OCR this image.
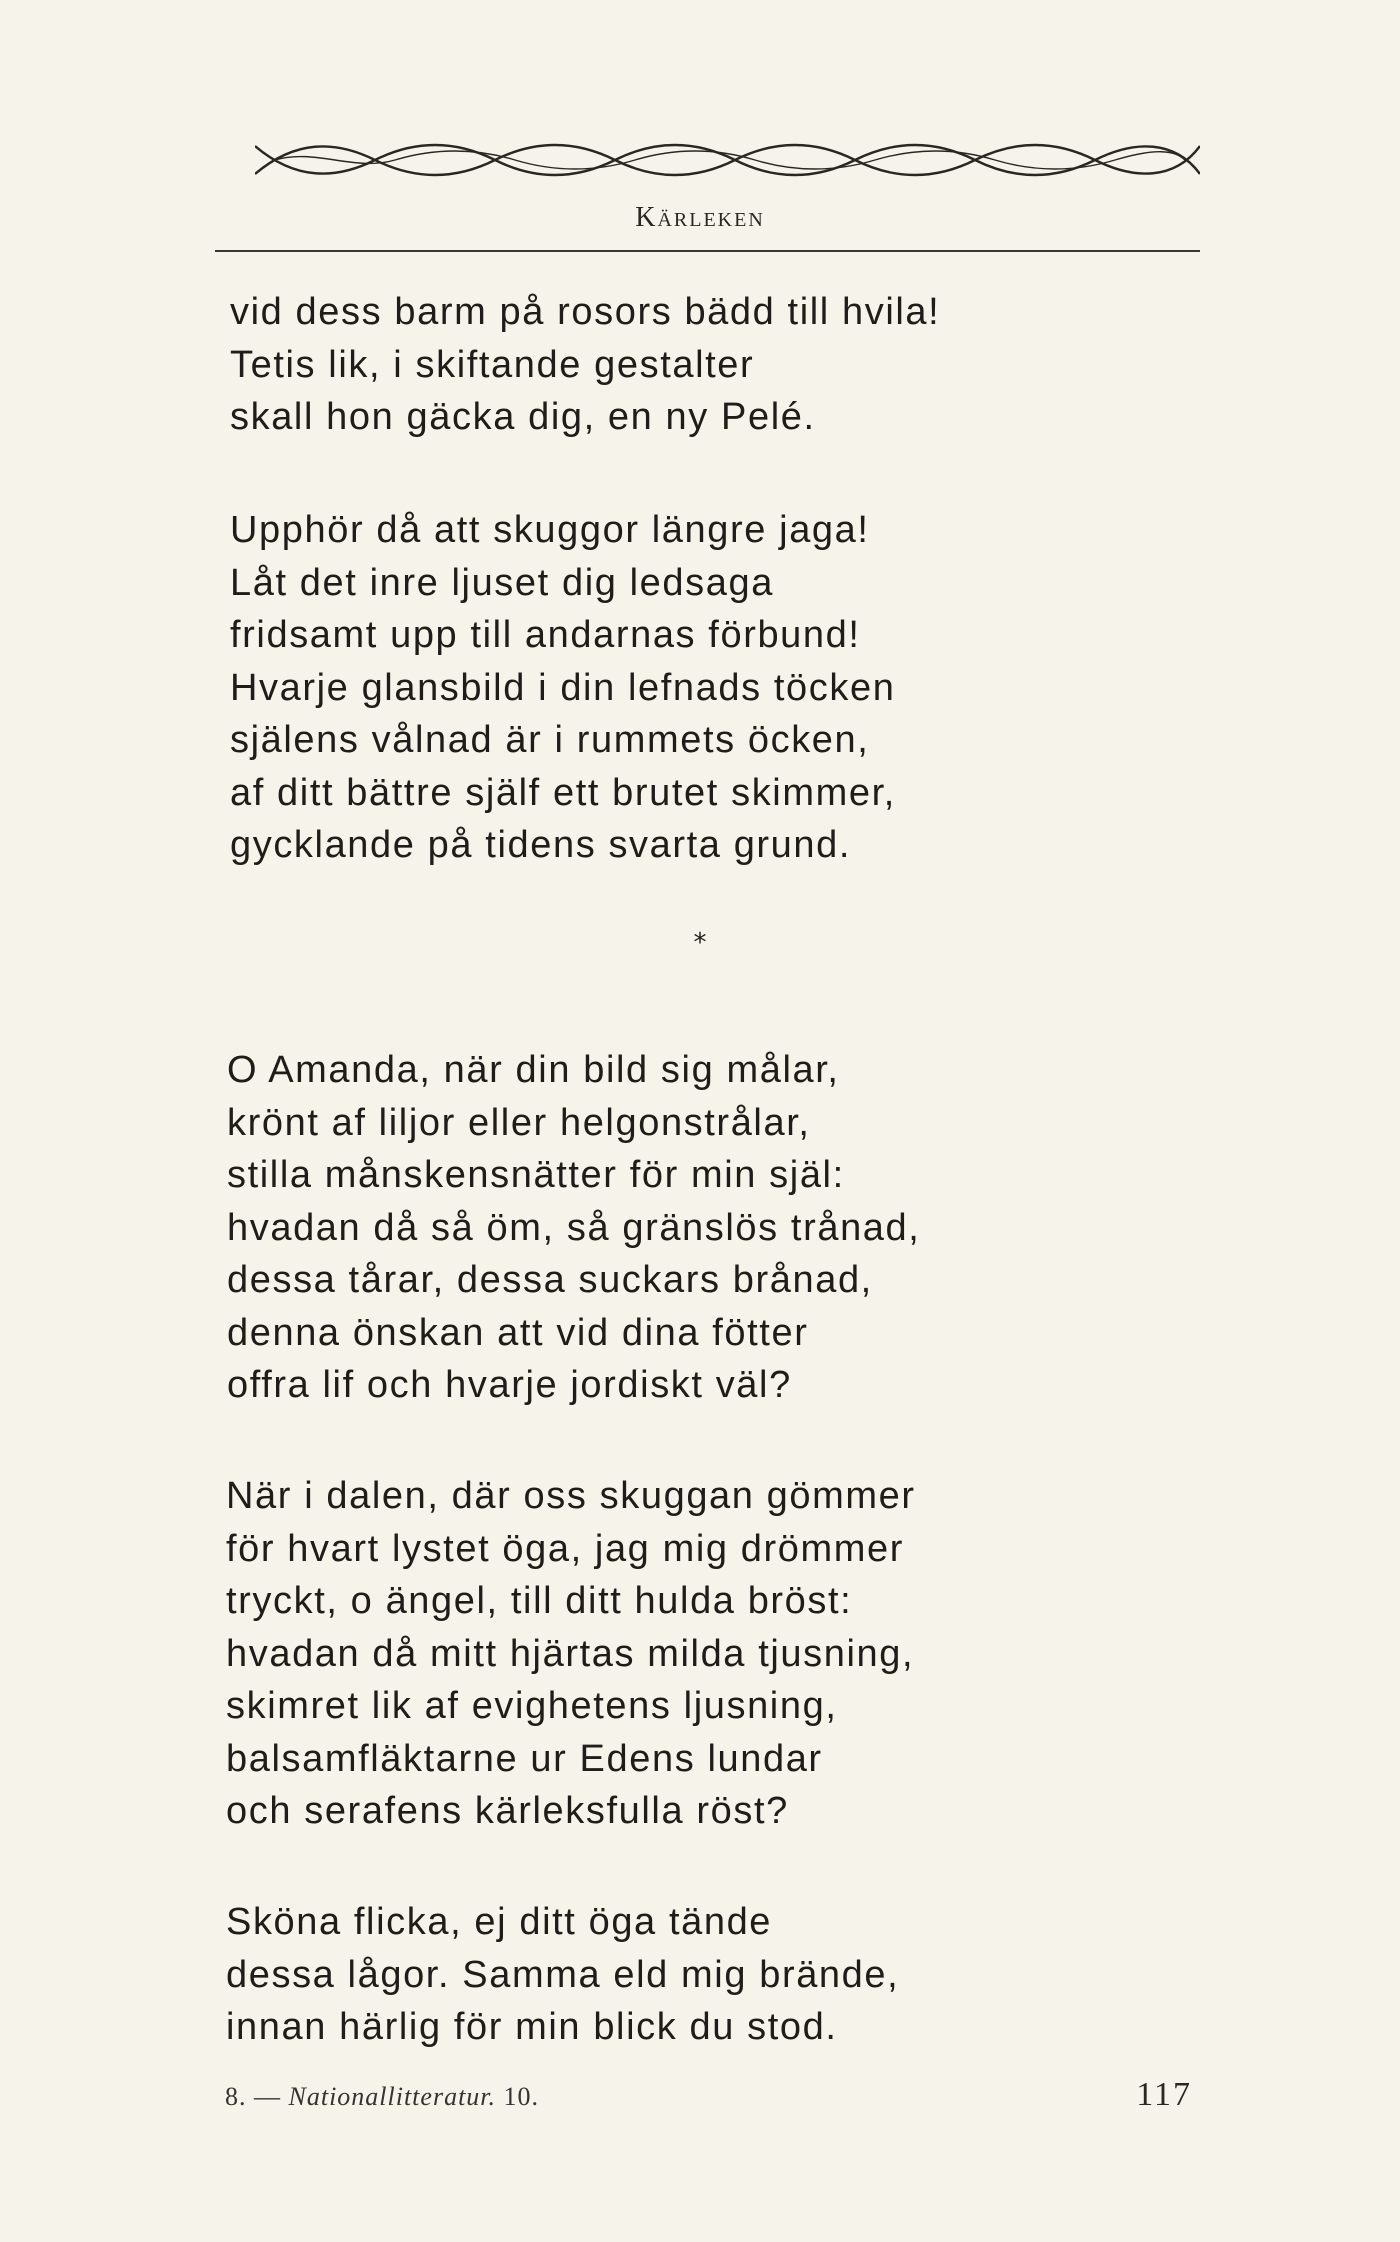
Kärleken
vid dess barm på rosors bädd till hvila!
Tetis lik, i skiftande gestalter
skall hon gäcka dig, en ny Pelé.
Upphör då att skuggor längre jaga!
Låt det inre ljuset dig ledsaga
fridsamt upp till andarnas förbund!
Hvarje glansbild i din lefnads töcken
själens vålnad är i rummets öcken,
af ditt bättre själf ett brutet skimmer,
gycklande på tidens svarta grund.
*
O Amanda, när din bild sig målar,
krönt af liljor eller helgonstrålar,
stilla månskensnätter för min själ:
hvadan då så öm, så gränslös trånad,
dessa tårar, dessa suckars brånad,
denna önskan att vid dina fötter
offra lif och hvarje jordiskt väl?
När i dalen, där oss skuggan gömmer
för hvart lystet öga, jag mig drömmer
tryckt, o ängel, till ditt hulda bröst:
hvadan då mitt hjärtas milda tjusning,
skimret lik af evighetens ljusning,
balsamfläktarne ur Edens lundar
och serafens kärleksfulla röst?
Sköna flicka, ej ditt öga tände
dessa lågor. Samma eld mig brände,
innan härlig för min blick du stod.
8. — Nationallitteratur. 10.	117
